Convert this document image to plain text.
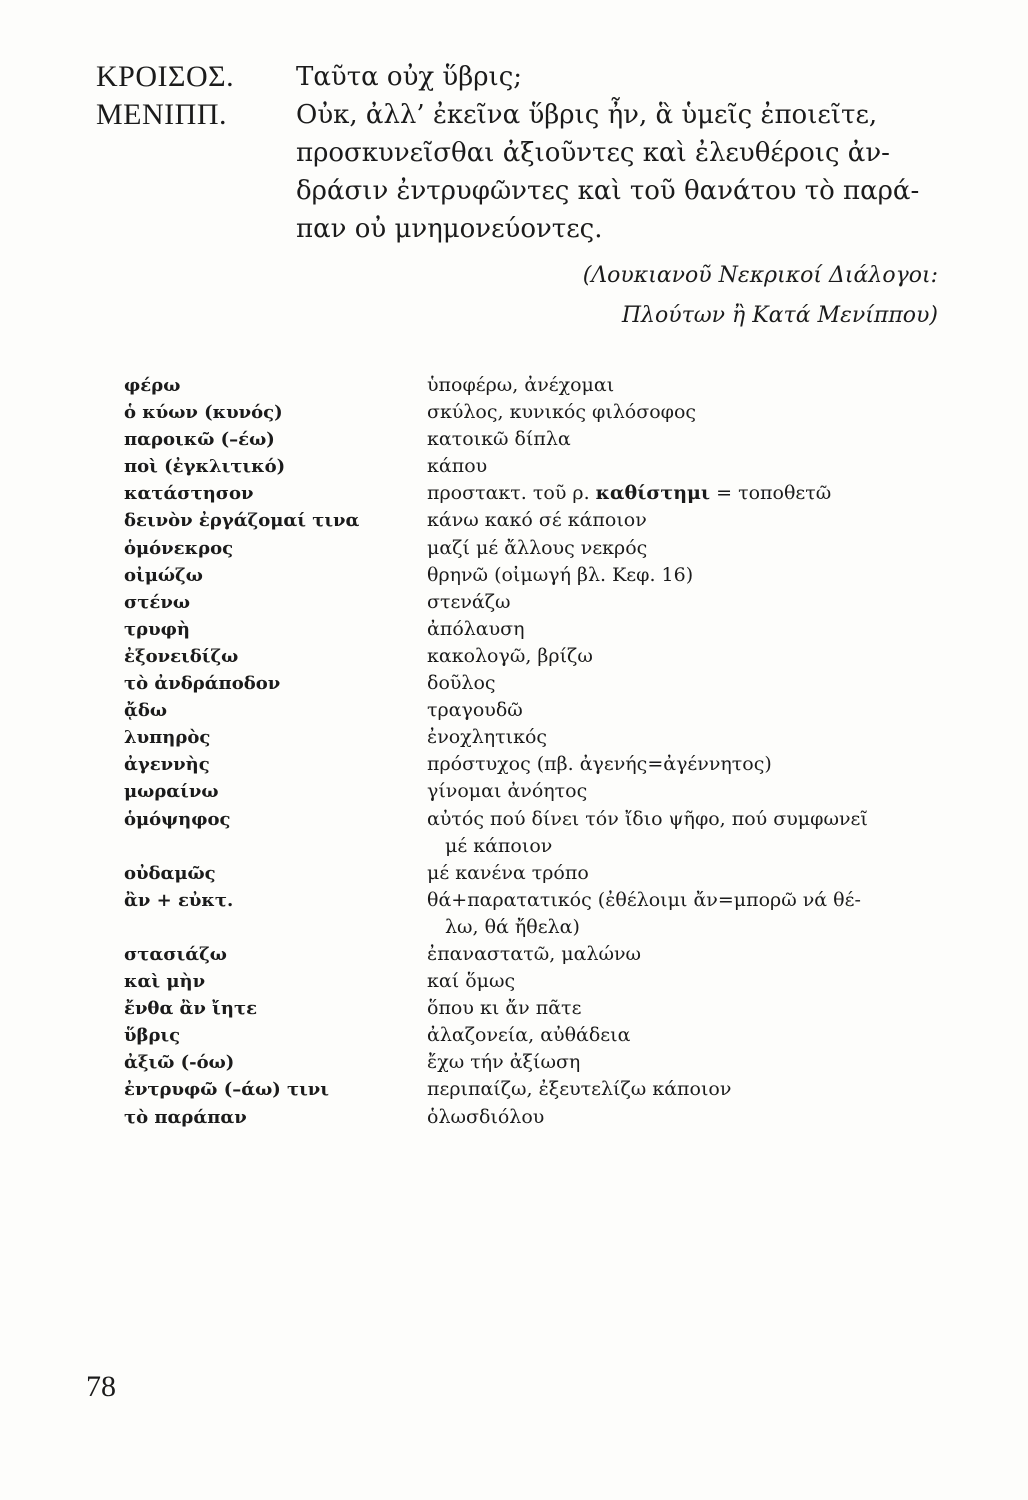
ΚΡΟΙΣΟΣ.	Ταῦτα οὐχ ὕβρις;

ΜΕΝΙΠΠ.	Οὐκ, ἀλλ’ ἐκεῖνα ὕβρις ἦν, ἃ ὑμεῖς ἐποιεῖτε,

προσκυνεῖσθαι ἀξιοῦντες καὶ ἐλευθέροις ἀν-

δράσιν ἐντρυφῶντες καὶ τοῦ θανάτου τὸ παρά-

παν οὐ μνημονεύοντες.

(Λουκιανοῦ Νεκρικοί Διάλογοι:
Πλούτων ἢ Κατά Μενίππου)
φέρω	ὑποφέρω, ἀνέχομαι
ὁ κύων (κυνός)	σκύλος, κυνικός φιλόσοφος
παροικῶ (–έω)	κατοικῶ δίπλα
ποὶ (ἐγκλιτικό)	κάπου
κατάστησον	προστακτ. τοῦ ρ. καθίστημι = τοποθετῶ
δεινὸν ἐργάζομαί τινα	κάνω κακό σέ κάποιον
ὁμόνεκρος	μαζί μέ ἄλλους νεκρός
οἰμώζω	θρηνῶ (οἰμωγή βλ. Κεφ. 16)
στένω	στενάζω
τρυφὴ	ἀπόλαυση
ἐξονειδίζω	κακολογῶ, βρίζω
τὸ ἀνδράποδον	δοῦλος
ᾄδω	τραγουδῶ
λυπηρὸς	ἐνοχλητικός
ἀγεννὴς	πρόστυχος (πβ. ἀγενής=ἀγέννητος)
μωραίνω	γίνομαι ἀνόητος
ὁμόψηφος	αὐτός πού δίνει τόν ἴδιο ψῆφο, πού συμφωνεῖ
μέ κάποιον
οὐδαμῶς	μέ κανένα τρόπο
ἂν + εὐκτ.	θά+παρατατικός (ἐθέλοιμι ἄν=μπορῶ νά θέ-
λω, θά ἤθελα)
στασιάζω	ἐπαναστατῶ, μαλώνω
καὶ μὴν	καί ὅμως
ἔνθα ἂν ἴητε	ὅπου κι ἄν πᾶτε
ὕβρις	ἀλαζονεία, αὐθάδεια
ἀξιῶ (-όω)	ἔχω τήν ἀξίωση
ἐντρυφῶ (–άω) τινι	περιπαίζω, ἐξευτελίζω κάποιον
τὸ παράπαν	ὁλωσδιόλου
78
